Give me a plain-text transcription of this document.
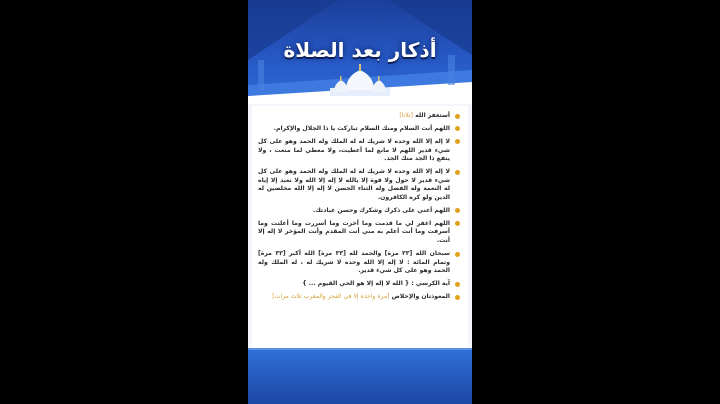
أذكار بعد الصلاة
أستغفر الله [ثلاثا]
اللهم أنت السلام ومنك السلام تباركت يا ذا الجلال والإكرام.
لا إله إلا الله وحده لا شريك له له الملك وله الحمد وهو على كل شيء قدير اللهم لا مانع لما أعطيت، ولا معطي لما منعت ، ولا ينفع ذا الجد منك الجد.
لا إله إلا الله وحده لا شريك له له الملك وله الحمد وهو على كل شيء قدير لا حول ولا قوة إلا بالله لا إله إلا الله ولا نعبد إلا إياه له النعمة وله الفضل وله الثناء الحسن لا إله إلا الله مخلصين له الدين ولو كره الكافرون.
اللهم أعني على ذكرك وشكرك وحسن عبادتك.
اللهم اغفر لي ما قدمت وما أخرت وما أسررت وما أعلنت وما أسرفت وما أنت أعلم به مني أنت المقدم وأنت المؤخر لا إله إلا أنت.
سبحان الله [٣٣ مرة] والحمد لله [٣٣ مرة] الله أكبر [٣٣ مرة] وتمام المائة : لا إله إلا الله وحده لا شريك له ، له الملك وله الحمد وهو على كل شيء قدير.
آية الكرسي : { الله لا إله إلا هو الحي القيوم ... }
المعوذتان والإخلاص [مرة واحدة إلا في الفجر والمغرب ثلاث مرات]
